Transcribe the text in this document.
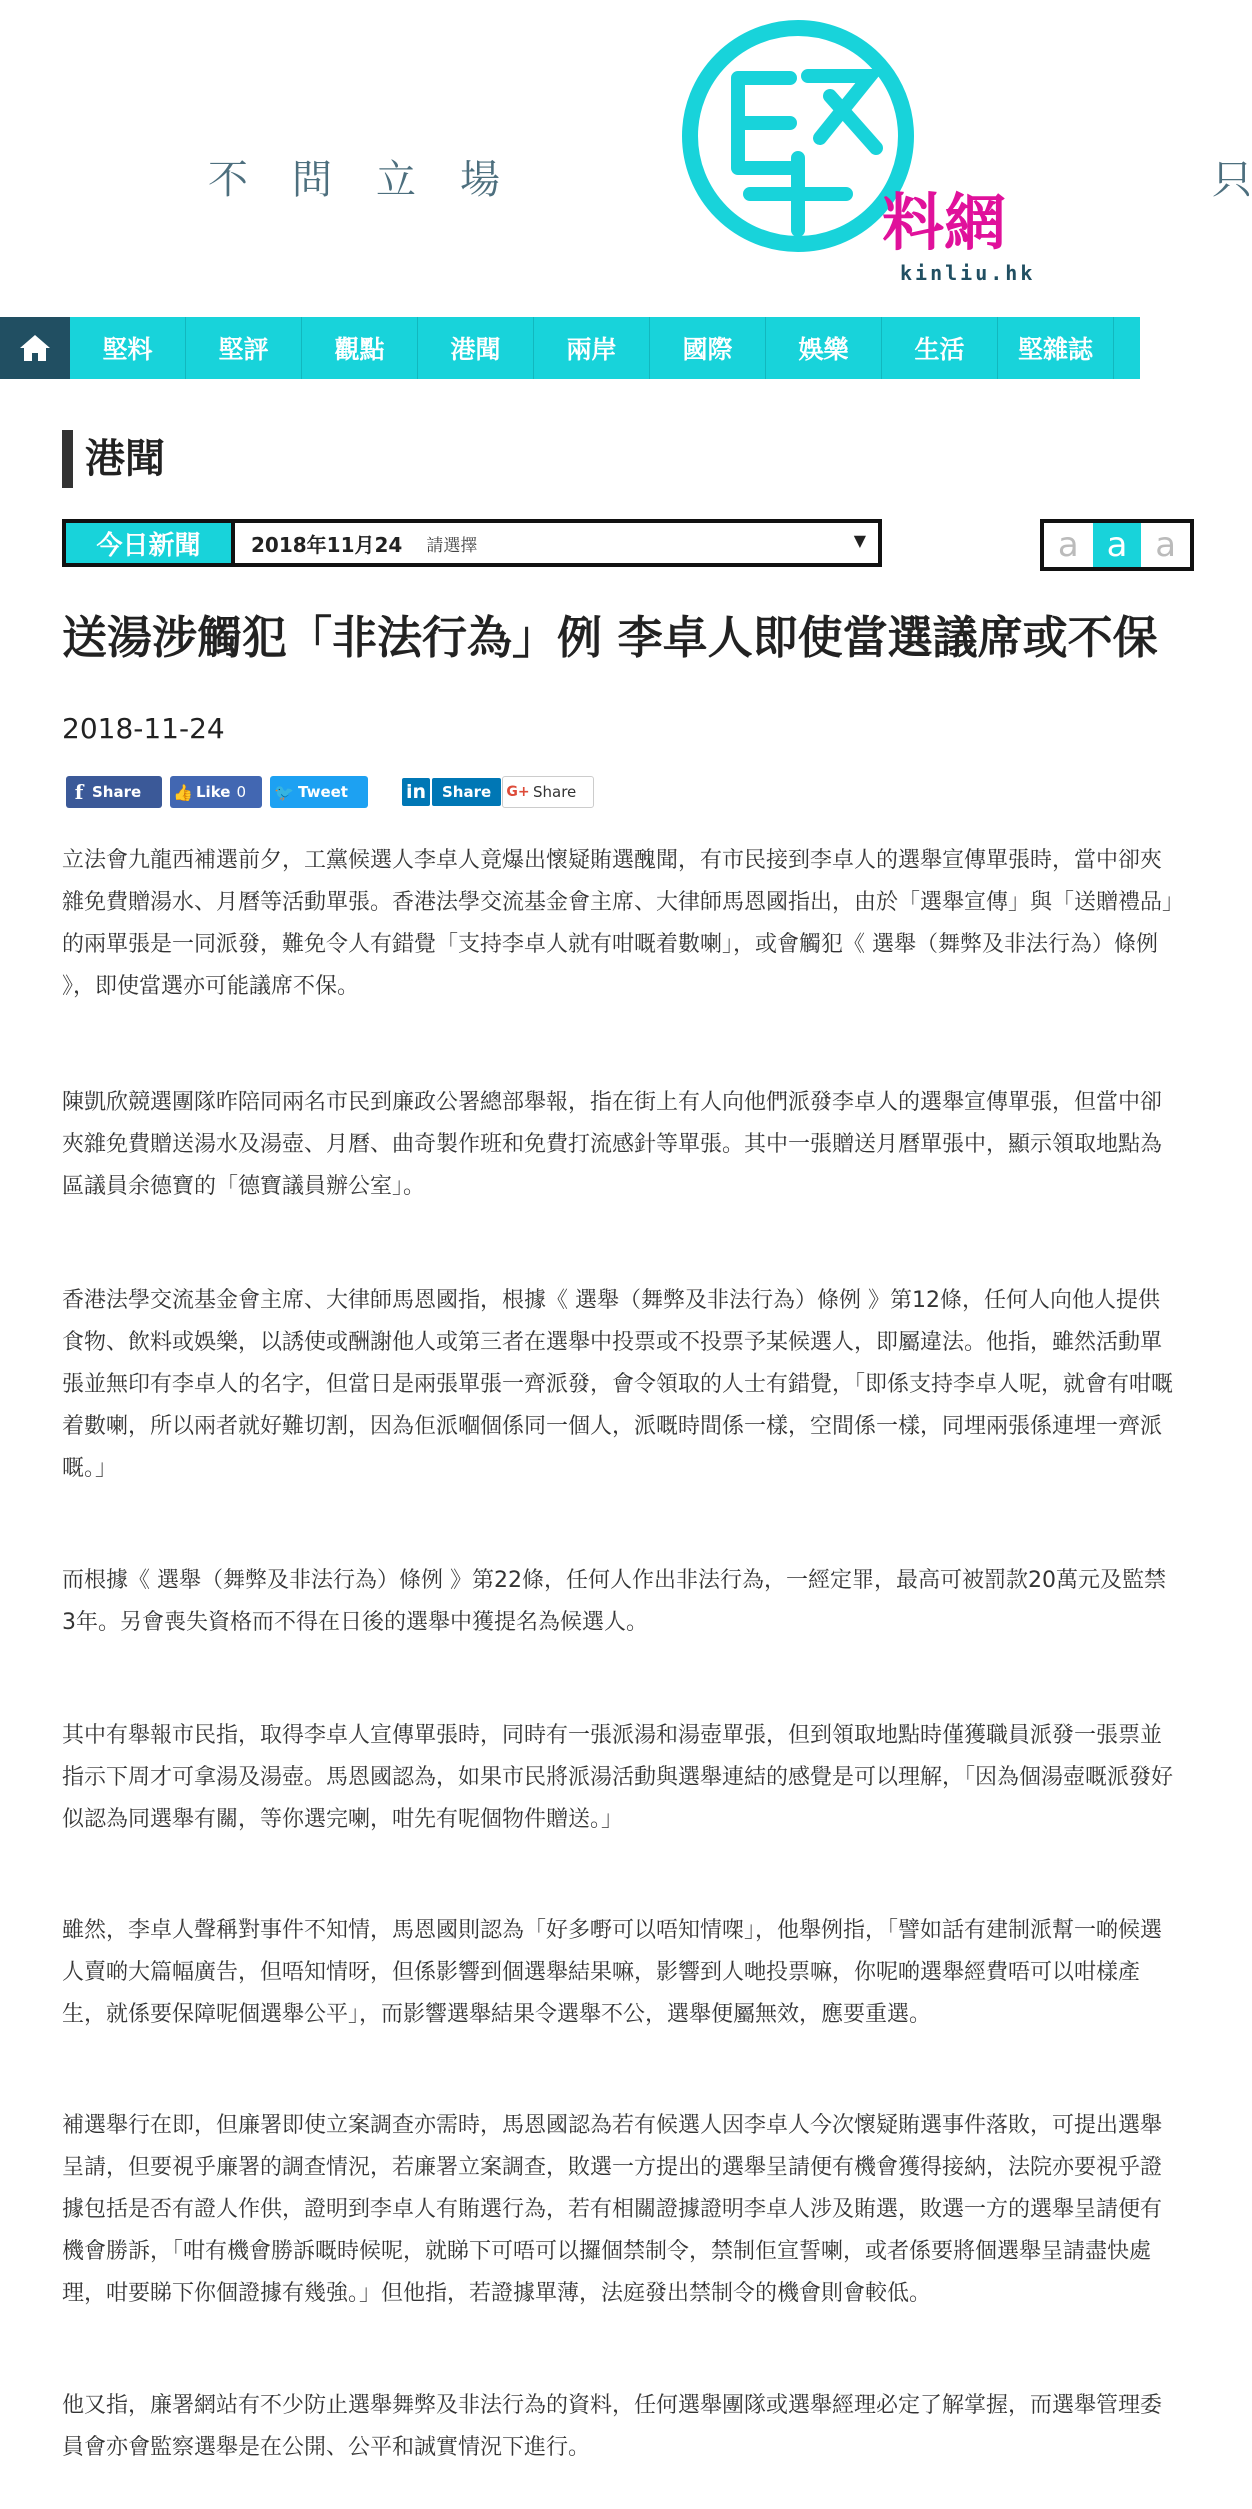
不問立場	只
料網
kinliu.hk
堅料	堅評	觀點	港聞	兩岸	國際	娛樂	生活	堅雜誌
港聞
今日新聞	2018年11月24 請選擇	▼	a a a
送湯涉觸犯「非法行為」例 李卓人即使當選議席或不保
2018-11-24
f Share 👍 Like 0 🐦 Tweet	in	Share	G+ Share

立法會九龍西補選前夕，工黨候選人李卓人竟爆出懷疑賄選醜聞，有市民接到李卓人的選舉宣傳單張時，當中卻夾雜免費贈湯水、月曆等活動單張。香港法學交流基金會主席、大律師馬恩國指出，由於「選舉宣傳」與「送贈禮品」的兩單張是一同派發，難免令人有錯覺「支持李卓人就有咁嘅着數喇」，或會觸犯《 選舉（舞弊及非法行為）條例 》，即使當選亦可能議席不保。

陳凱欣競選團隊昨陪同兩名市民到廉政公署總部舉報，指在街上有人向他們派發李卓人的選舉宣傳單張，但當中卻夾雜免費贈送湯水及湯壺、月曆、曲奇製作班和免費打流感針等單張。其中一張贈送月曆單張中，顯示領取地點為區議員余德寶的「德寶議員辦公室」。

香港法學交流基金會主席、大律師馬恩國指，根據《 選舉（舞弊及非法行為）條例 》第12條，任何人向他人提供食物、飲料或娛樂，以誘使或酬謝他人或第三者在選舉中投票或不投票予某候選人，即屬違法。他指，雖然活動單張並無印有李卓人的名字，但當日是兩張單張一齊派發，會令領取的人士有錯覺，「即係支持李卓人呢，就會有咁嘅着數喇，所以兩者就好難切割，因為佢派嗰個係同一個人，派嘅時間係一樣，空間係一樣，同埋兩張係連埋一齊派嘅。」

而根據《 選舉（舞弊及非法行為）條例 》第22條，任何人作出非法行為，一經定罪，最高可被罰款20萬元及監禁3年。另會喪失資格而不得在日後的選舉中獲提名為候選人。

其中有舉報市民指，取得李卓人宣傳單張時，同時有一張派湯和湯壺單張，但到領取地點時僅獲職員派發一張票並指示下周才可拿湯及湯壺。馬恩國認為，如果市民將派湯活動與選舉連結的感覺是可以理解，「因為個湯壺嘅派發好似認為同選舉有關，等你選完喇，咁先有呢個物件贈送。」

雖然，李卓人聲稱對事件不知情，馬恩國則認為「好多嘢可以唔知情㗎」，他舉例指，「譬如話有建制派幫一啲候選人賣啲大篇幅廣告，但唔知情呀，但係影響到個選舉結果嘛，影響到人哋投票嘛，你呢啲選舉經費唔可以咁樣產生，就係要保障呢個選舉公平」，而影響選舉結果令選舉不公，選舉便屬無效，應要重選。

補選舉行在即，但廉署即使立案調查亦需時，馬恩國認為若有候選人因李卓人今次懷疑賄選事件落敗，可提出選舉呈請，但要視乎廉署的調查情況，若廉署立案調查，敗選一方提出的選舉呈請便有機會獲得接納，法院亦要視乎證據包括是否有證人作供，證明到李卓人有賄選行為，若有相關證據證明李卓人涉及賄選，敗選一方的選舉呈請便有機會勝訴，「咁有機會勝訴嘅時候呢，就睇下可唔可以攞個禁制令，禁制佢宣誓喇，或者係要將個選舉呈請盡快處理，咁要睇下你個證據有幾強。」但他指，若證據單薄，法庭發出禁制令的機會則會較低。

他又指，廉署網站有不少防止選舉舞弊及非法行為的資料，任何選舉團隊或選舉經理必定了解掌握，而選舉管理委員會亦會監察選舉是在公開、公平和誠實情況下進行。
